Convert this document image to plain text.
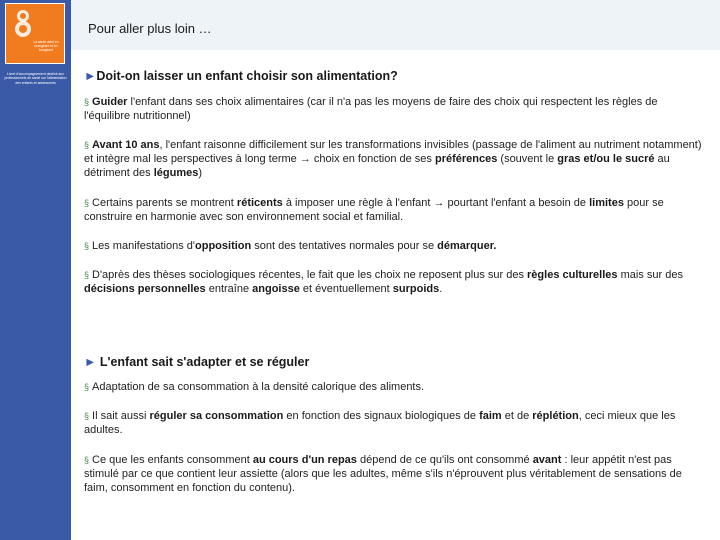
La santé vient en mangeant et en bougeant
Livret d'accompagnement destiné aux professionnels de santé sur l'alimentation des enfants et adolescents
Pour aller plus loin …
►Doit-on laisser un enfant choisir son alimentation?

§ Guider l'enfant dans ses choix alimentaires (car il n'a pas les moyens de faire des choix qui respectent les règles de l'équilibre nutritionnel)

§ Avant 10 ans, l'enfant raisonne difficilement sur les transformations invisibles (passage de l'aliment au nutriment notamment) et intègre mal les perspectives à long terme → choix en fonction de ses préférences (souvent le gras et/ou le sucré au détriment des légumes)

§ Certains parents se montrent réticents à imposer une règle à l'enfant → pourtant l'enfant a besoin de limites pour se construire en harmonie avec son environnement social et familial.

§ Les manifestations d'opposition sont des tentatives normales pour se démarquer.

§ D'après des thèses sociologiques récentes, le fait que les choix ne reposent plus sur des règles culturelles mais sur des décisions personnelles entraîne angoisse et éventuellement surpoids.

► L'enfant sait s'adapter et se réguler

§ Adaptation de sa consommation à la densité calorique des aliments.

§ Il sait aussi réguler sa consommation en fonction des signaux biologiques de faim et de réplétion, ceci mieux que les adultes.

§ Ce que les enfants consomment au cours d'un repas dépend de ce qu'ils ont consommé avant : leur appétit n'est pas stimulé par ce que contient leur assiette (alors que les adultes, même s'ils n'éprouvent plus véritablement de sensations de faim, consomment en fonction du contenu).
